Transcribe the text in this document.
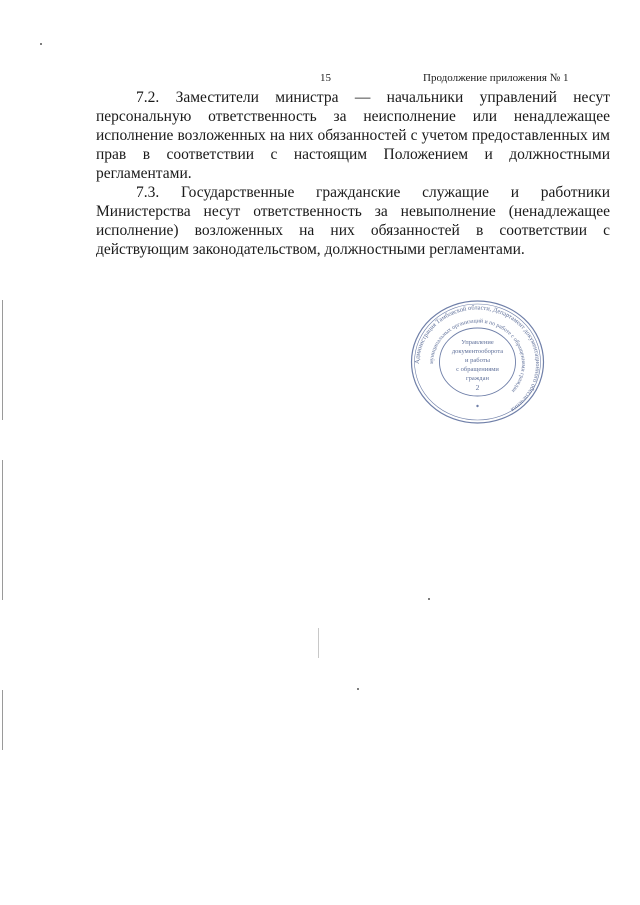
15	Продолжение приложения № 1

7.2. Заместители министра — начальники управлений несут персональную ответственность за неисполнение или ненадлежащее исполнение возложенных на них обязанностей с учетом предоставленных им прав в соответствии с настоящим Положением и должностными регламентами.

7.3. Государственные гражданские служащие и работники Министерства несут ответственность за невыполнение (ненадлежащее исполнение) возложенных на них обязанностей в соответствии с действующим законодательством, должностными регламентами.

Администрация Тамбовской области, Департамент документационного обеспечения
муниципальных организаций и по работе с обращениями граждан
Управление
документооборота
и работы
с обращениями
граждан
2
